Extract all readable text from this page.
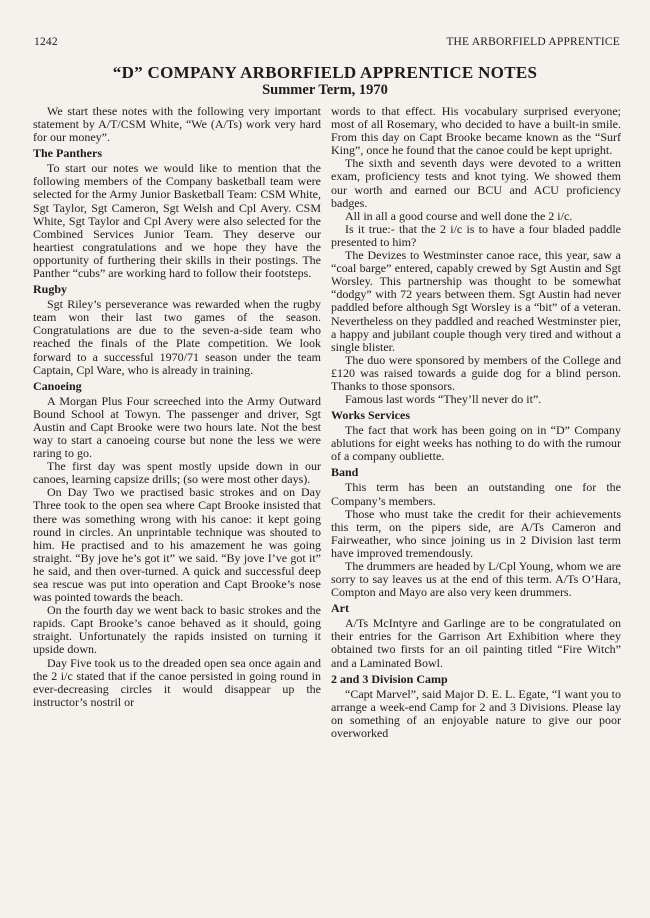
1242	THE ARBORFIELD APPRENTICE
“D” COMPANY ARBORFIELD APPRENTICE NOTES
Summer Term, 1970

We start these notes with the following very important statement by A/T/CSM White, “We (A/Ts) work very hard for our money”.

The Panthers

To start our notes we would like to mention that the following members of the Company basketball team were selected for the Army Junior Basketball Team: CSM White, Sgt Taylor, Sgt Cameron, Sgt Welsh and Cpl Avery. CSM White, Sgt Taylor and Cpl Avery were also selected for the Combined Services Junior Team. They deserve our heartiest congratulations and we hope they have the opportunity of furthering their skills in their postings. The Panther “cubs” are working hard to follow their footsteps.

Rugby

Sgt Riley’s perseverance was rewarded when the rugby team won their last two games of the season. Congratulations are due to the seven-a-side team who reached the finals of the Plate competition. We look forward to a successful 1970/71 season under the team Captain, Cpl Ware, who is already in training.

Canoeing

A Morgan Plus Four screeched into the Army Outward Bound School at Towyn. The passenger and driver, Sgt Austin and Capt Brooke were two hours late. Not the best way to start a canoeing course but none the less we were raring to go.

The first day was spent mostly upside down in our canoes, learning capsize drills; (so were most other days).

On Day Two we practised basic strokes and on Day Three took to the open sea where Capt Brooke insisted that there was something wrong with his canoe: it kept going round in circles. An unprintable technique was shouted to him. He practised and to his amazement he was going straight. “By jove he’s got it” we said. “By jove I’ve got it” he said, and then over-turned. A quick and successful deep sea rescue was put into operation and Capt Brooke’s nose was pointed towards the beach.

On the fourth day we went back to basic strokes and the rapids. Capt Brooke’s canoe behaved as it should, going straight. Unfortunately the rapids insisted on turning it upside down.

Day Five took us to the dreaded open sea once again and the 2 i/c stated that if the canoe persisted in going round in ever-decreasing circles it would disappear up the instructor’s nostril or

words to that effect. His vocabulary surprised everyone; most of all Rosemary, who decided to have a built-in smile. From this day on Capt Brooke became known as the “Surf King”, once he found that the canoe could be kept upright.

The sixth and seventh days were devoted to a written exam, proficiency tests and knot tying. We showed them our worth and earned our BCU and ACU proficiency badges.

All in all a good course and well done the 2 i/c.

Is it true:- that the 2 i/c is to have a four bladed paddle presented to him?

The Devizes to Westminster canoe race, this year, saw a “coal barge” entered, capably crewed by Sgt Austin and Sgt Worsley. This partnership was thought to be somewhat “dodgy” with 72 years between them. Sgt Austin had never paddled before although Sgt Worsley is a “bit” of a veteran. Nevertheless on they paddled and reached Westminster pier, a happy and jubilant couple though very tired and without a single blister.

The duo were sponsored by members of the College and £120 was raised towards a guide dog for a blind person. Thanks to those sponsors.

Famous last words “They’ll never do it”.

Works Services

The fact that work has been going on in “D” Company ablutions for eight weeks has nothing to do with the rumour of a company oubliette.

Band

This term has been an outstanding one for the Company’s members.

Those who must take the credit for their achievements this term, on the pipers side, are A/Ts Cameron and Fairweather, who since joining us in 2 Division last term have improved tremendously.

The drummers are headed by L/Cpl Young, whom we are sorry to say leaves us at the end of this term. A/Ts O’Hara, Compton and Mayo are also very keen drummers.

Art

A/Ts McIntyre and Garlinge are to be congratulated on their entries for the Garrison Art Exhibition where they obtained two firsts for an oil painting titled “Fire Witch” and a Laminated Bowl.

2 and 3 Division Camp

“Capt Marvel”, said Major D. E. L. Egate, “I want you to arrange a week-end Camp for 2 and 3 Divisions. Please lay on something of an enjoyable nature to give our poor overworked
